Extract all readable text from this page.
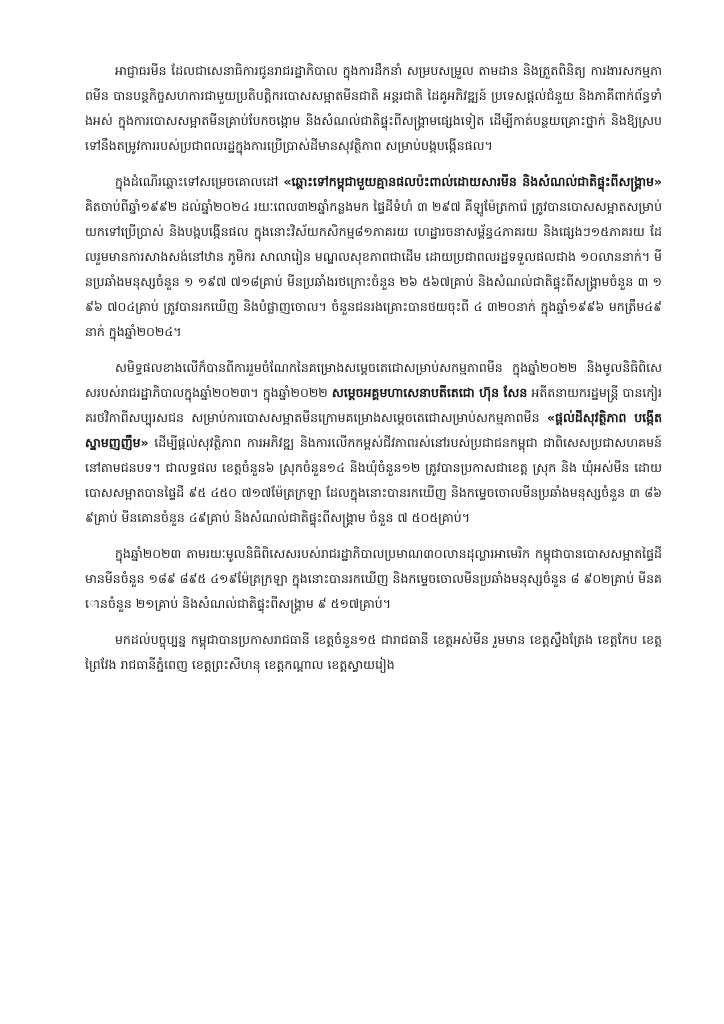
អាជ្ញាធរមីន ដែលជាសេនាធិការជូនរាជរដ្ឋាភិបាល ក្នុងការដឹកនាំ សម្របសម្រួល តាមដាន និងត្រួតពិនិត្យ ការងារសកម្មភាពមីន បានបន្តកិច្ចសហការជាមួយប្រតិបត្តិករបោសសម្អាតមីនជាតិ អន្តរជាតិ ដៃគូអភិវឌ្ឍន៍ ប្រទេសផ្តល់ជំនួយ និងភាគីពាក់ព័ន្ធទាំងអស់ ក្នុងការបោសសម្អាតមីនគ្រាប់បែកចង្កោម និងសំណល់ជាតិផ្ទុះពីសង្គ្រាមផ្សេងទៀត ដើម្បីកាត់បន្ថយគ្រោះថ្នាក់ និងឱ្យស្របទៅនឹងតម្រូវការរបស់ប្រជាពលរដ្ឋក្នុងការប្រើប្រាស់ដីមានសុវត្ថិភាព សម្រាប់បង្កបង្កើនផល។

ក្នុងដំណើរឆ្ពោះទៅសម្រេចគោលដៅ «ឆ្ពោះទៅកម្ពុជាមួយគ្មានផលប៉ះពាល់ដោយសារមីន និងសំណល់ជាតិផ្ទុះពីសង្គ្រាម» គិតចាប់ពីឆ្នាំ១៩៩២ ដល់ឆ្នាំ២០២៤ រយៈពេល៣២ឆ្នាំកន្លងមក ផ្ទៃដីទំហំ ៣ ២៩៧ គីឡូម៉ែត្រការ៉េ ត្រូវបានបោសសម្អាតសម្រាប់យកទៅប្រើប្រាស់ និងបង្កបង្កើនផល ក្នុងនោះវិស័យកសិកម្ម៨១ភាគរយ ហេដ្ឋារចនាសម្ព័ន្ធ៤ភាគរយ និងផ្សេងៗ១៥ភាគរយ ដែលរួមមានការសាងសង់នៅឋាន ភូមិករ សាលារៀន មណ្ឌលសុខភាពជាដើម ដោយប្រជាពលរដ្ឋទទួលផលជាង ១០លាននាក់។ មីនប្រឆាំងមនុស្សចំនួន ១ ១៩៧ ៧១៨គ្រាប់ មីនប្រឆាំងរថក្រោះចំនួន ២៦ ៥៦៧គ្រាប់ និងសំណល់ជាតិផ្ទុះពីសង្គ្រាមចំនួន ៣ ១៩៦ ៧០៤គ្រាប់ ត្រូវបានរកឃើញ និងបំផ្លាញចោល។ ចំនួនជនរងគ្រោះបានថយចុះពី ៤ ៣២០នាក់ ក្នុងឆ្នាំ១៩៩៦ មកត្រឹម៤៩នាក់ ក្នុងឆ្នាំ២០២៤។

សមិទ្ធផលខាងលើក៏បានពីការរួមចំណែកនៃគម្រោងសម្តេចតេជោសម្រាប់សកម្មភាពមីន ក្នុងឆ្នាំ២០២២ និងមូលនិធិពិសេសរបស់រាជរដ្ឋាភិបាលក្នុងឆ្នាំ២០២៣។ ក្នុងឆ្នាំ២០២២ សម្តេចអគ្គមហាសេនាបតីតេជោ ហ៊ុន សែន អតីតនាយករដ្ឋមន្ត្រី បានកៀរគរថវិកាពីសប្បុរសជន សម្រាប់ការបោសសម្អាតមីនក្រោមគម្រោងសម្តេចតេជោសម្រាប់សកម្មភាពមីន «ផ្តល់ដីសុវត្ថិភាព បង្កើតស្នាមញញឹម» ដើម្បីផ្តល់សុវត្ថិភាព ការអភិវឌ្ឍ និងការលើកកម្ពស់ជីវភាពរស់នៅរបស់ប្រជាជនកម្ពុជា ជាពិសេសប្រជាសហគមន៍នៅតាមជនបទ។ ជាលទ្ធផល ខេត្តចំនួន៦ ស្រុកចំនួន១៤ និងឃុំចំនួន១២ ត្រូវបានប្រកាសជាខេត្ត ស្រុក និង ឃុំអស់មីន ដោយបោសសម្អាតបានផ្ទៃដី ៩៥ ៤៥០ ៧១៧ម៉ែត្រក្រឡា ដែលក្នុងនោះបានរកឃើញ និងកម្ទេចចោលមីនប្រឆាំងមនុស្សចំនួន ៣ ៨៦៩គ្រាប់ មីនគោនចំនួន ៤៩គ្រាប់ និងសំណល់ជាតិផ្ទុះពីសង្គ្រាម ចំនួន ៧ ៥០៥គ្រាប់។

ក្នុងឆ្នាំ២០២៣ តាមរយៈមូលនិធិពិសេសរបស់រាជរដ្ឋាភិបាលប្រមាណ៣០លានដុល្លារអាមេរិក កម្ពុជាបានបោសសម្អាតផ្ទៃដីមានមីនចំនួន ១៨៩ ៨៩៥ ៤១៩ម៉ែត្រក្រឡា ក្នុងនោះបានរកឃើញ និងកម្ទេចចោលមីនប្រឆាំងមនុស្សចំនួន ៨ ៩០២គ្រាប់ មីនគោនចំនួន ២១គ្រាប់ និងសំណល់ជាតិផ្ទុះពីសង្គ្រាម ៩ ៥១៧គ្រាប់។

មកដល់បច្ចុប្បន្ន កម្ពុជាបានប្រកាសរាជធានី ខេត្តចំនួន១៥ ជារាជធានី ខេត្តអស់មីន រួមមាន ខេត្តស្ទឹងត្រែង ខេត្តកែប ខេត្តព្រៃវែង រាជធានីភ្នំពេញ ខេត្តព្រះសីហនុ ខេត្តកណ្តាល ខេត្តស្វាយរៀង
